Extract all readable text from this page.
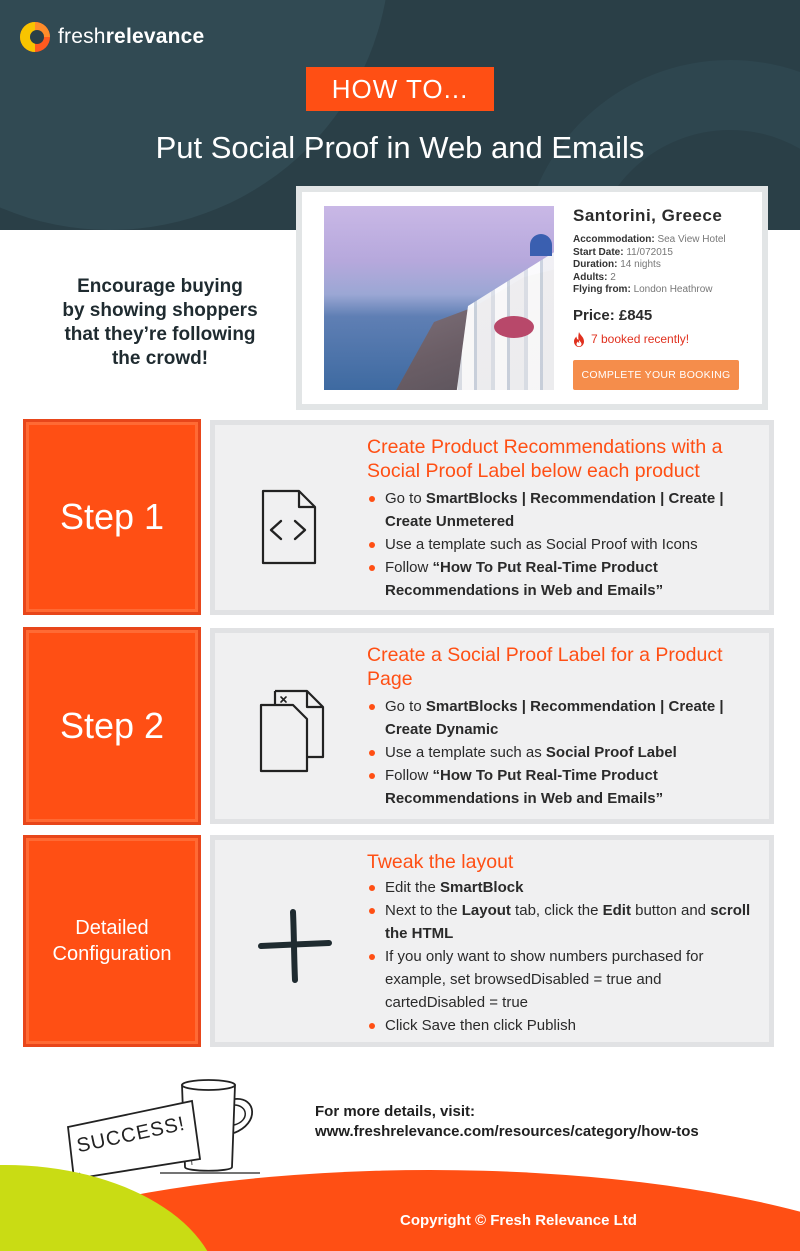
freshrelevance
HOW TO...
Put Social Proof in Web and Emails
Encourage buying
by showing shoppers
that they’re following
the crowd!
Santorini, Greece
Accommodation: Sea View Hotel
Start Date: 11/072015
Duration: 14 nights
Adults: 2
Flying from: London Heathrow
Price: £845
7 booked recently!
COMPLETE YOUR BOOKING
Step 1
Create Product Recommendations with a Social Proof Label below each product
Go to SmartBlocks | Recommendation | Create | Create Unmetered
Use a template such as Social Proof with Icons
Follow “How To Put Real-Time Product Recommendations in Web and Emails”
Step 2
Create a Social Proof Label for a Product Page
Go to SmartBlocks | Recommendation | Create | Create Dynamic
Use a template such as Social Proof Label
Follow “How To Put Real-Time Product Recommendations in Web and Emails”
Detailed Configuration
Tweak the layout
Edit the SmartBlock
Next to the Layout tab, click the Edit button and scroll the HTML
If you only want to show numbers purchased for example, set browsedDisabled = true and cartedDisabled = true
Click Save then click Publish
SUCCESS!
For more details, visit:
www.freshrelevance.com/resources/category/how-tos
Copyright © Fresh Relevance Ltd
